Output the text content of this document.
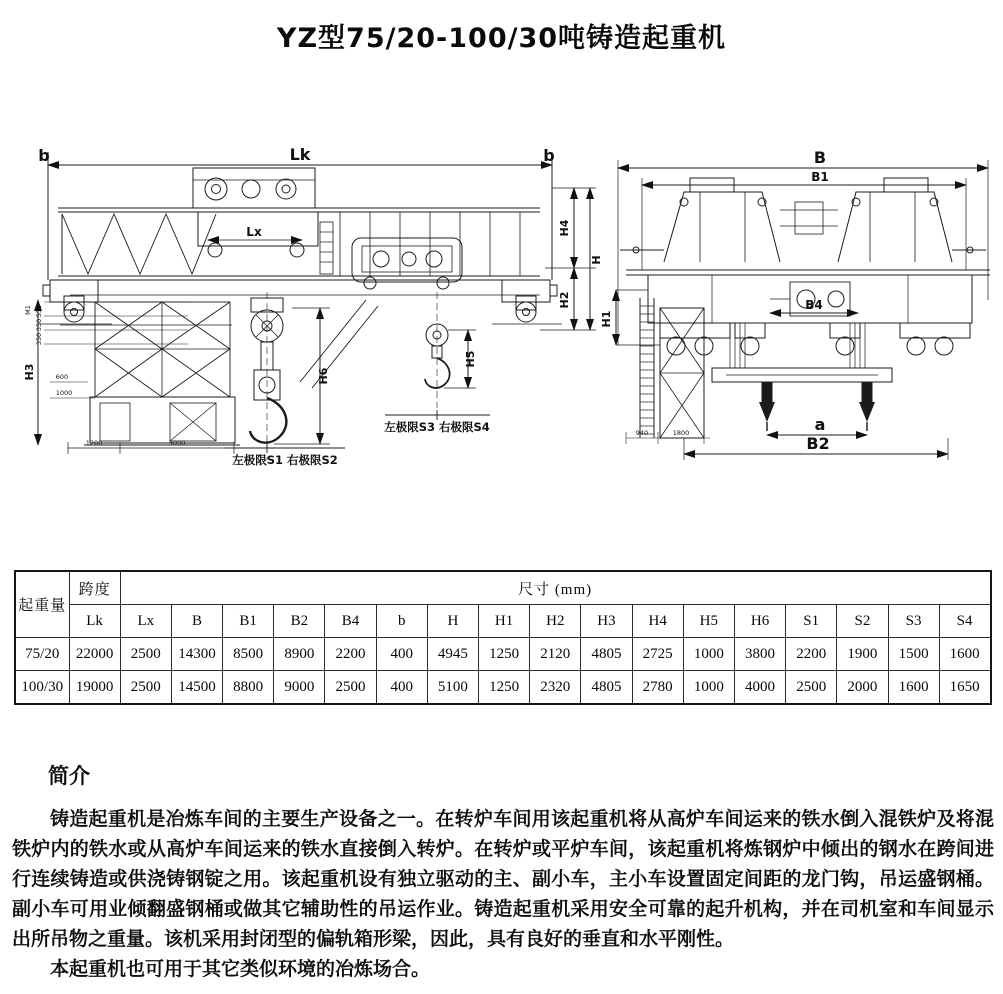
YZ型75/20-100/30吨铸造起重机
Lk
b	b
Lx	H4
H
H2
550
350
350
M1
600
1000
H3
1200	3000
H6
左极限S1 右极限S2
H5
左极限S3 右极限S4
B
B1
H1
B4
a
B2
940	1800
起重量	跨度	尺寸 (mm)																
	Lk	Lx	B	B1	B2	B4	b	H	H1	H2	H3	H4	H5	H6	S1	S2	S3	S4
75/20	22000	2500	14300	8500	8900	2200	400	4945	1250	2120	4805	2725	1000	3800	2200	1900	1500	1600
100/30	19000	2500	14500	8800	9000	2500	400	5100	1250	2320	4805	2780	1000	4000	2500	2000	1600	1650
简介

铸造起重机是冶炼车间的主要生产设备之一。在转炉车间用该起重机将从高炉车间运来的铁水倒入混铁炉及将混铁炉内的铁水或从高炉车间运来的铁水直接倒入转炉。在转炉或平炉车间，该起重机将炼钢炉中倾出的钢水在跨间进行连续铸造或供浇铸钢锭之用。该起重机设有独立驱动的主、副小车，主小车设置固定间距的龙门钩，吊运盛钢桶。副小车可用业倾翻盛钢桶或做其它辅助性的吊运作业。铸造起重机采用安全可靠的起升机构，并在司机室和车间显示出所吊物之重量。该机采用封闭型的偏轨箱形梁，因此，具有良好的垂直和水平刚性。

本起重机也可用于其它类似环境的冶炼场合。
